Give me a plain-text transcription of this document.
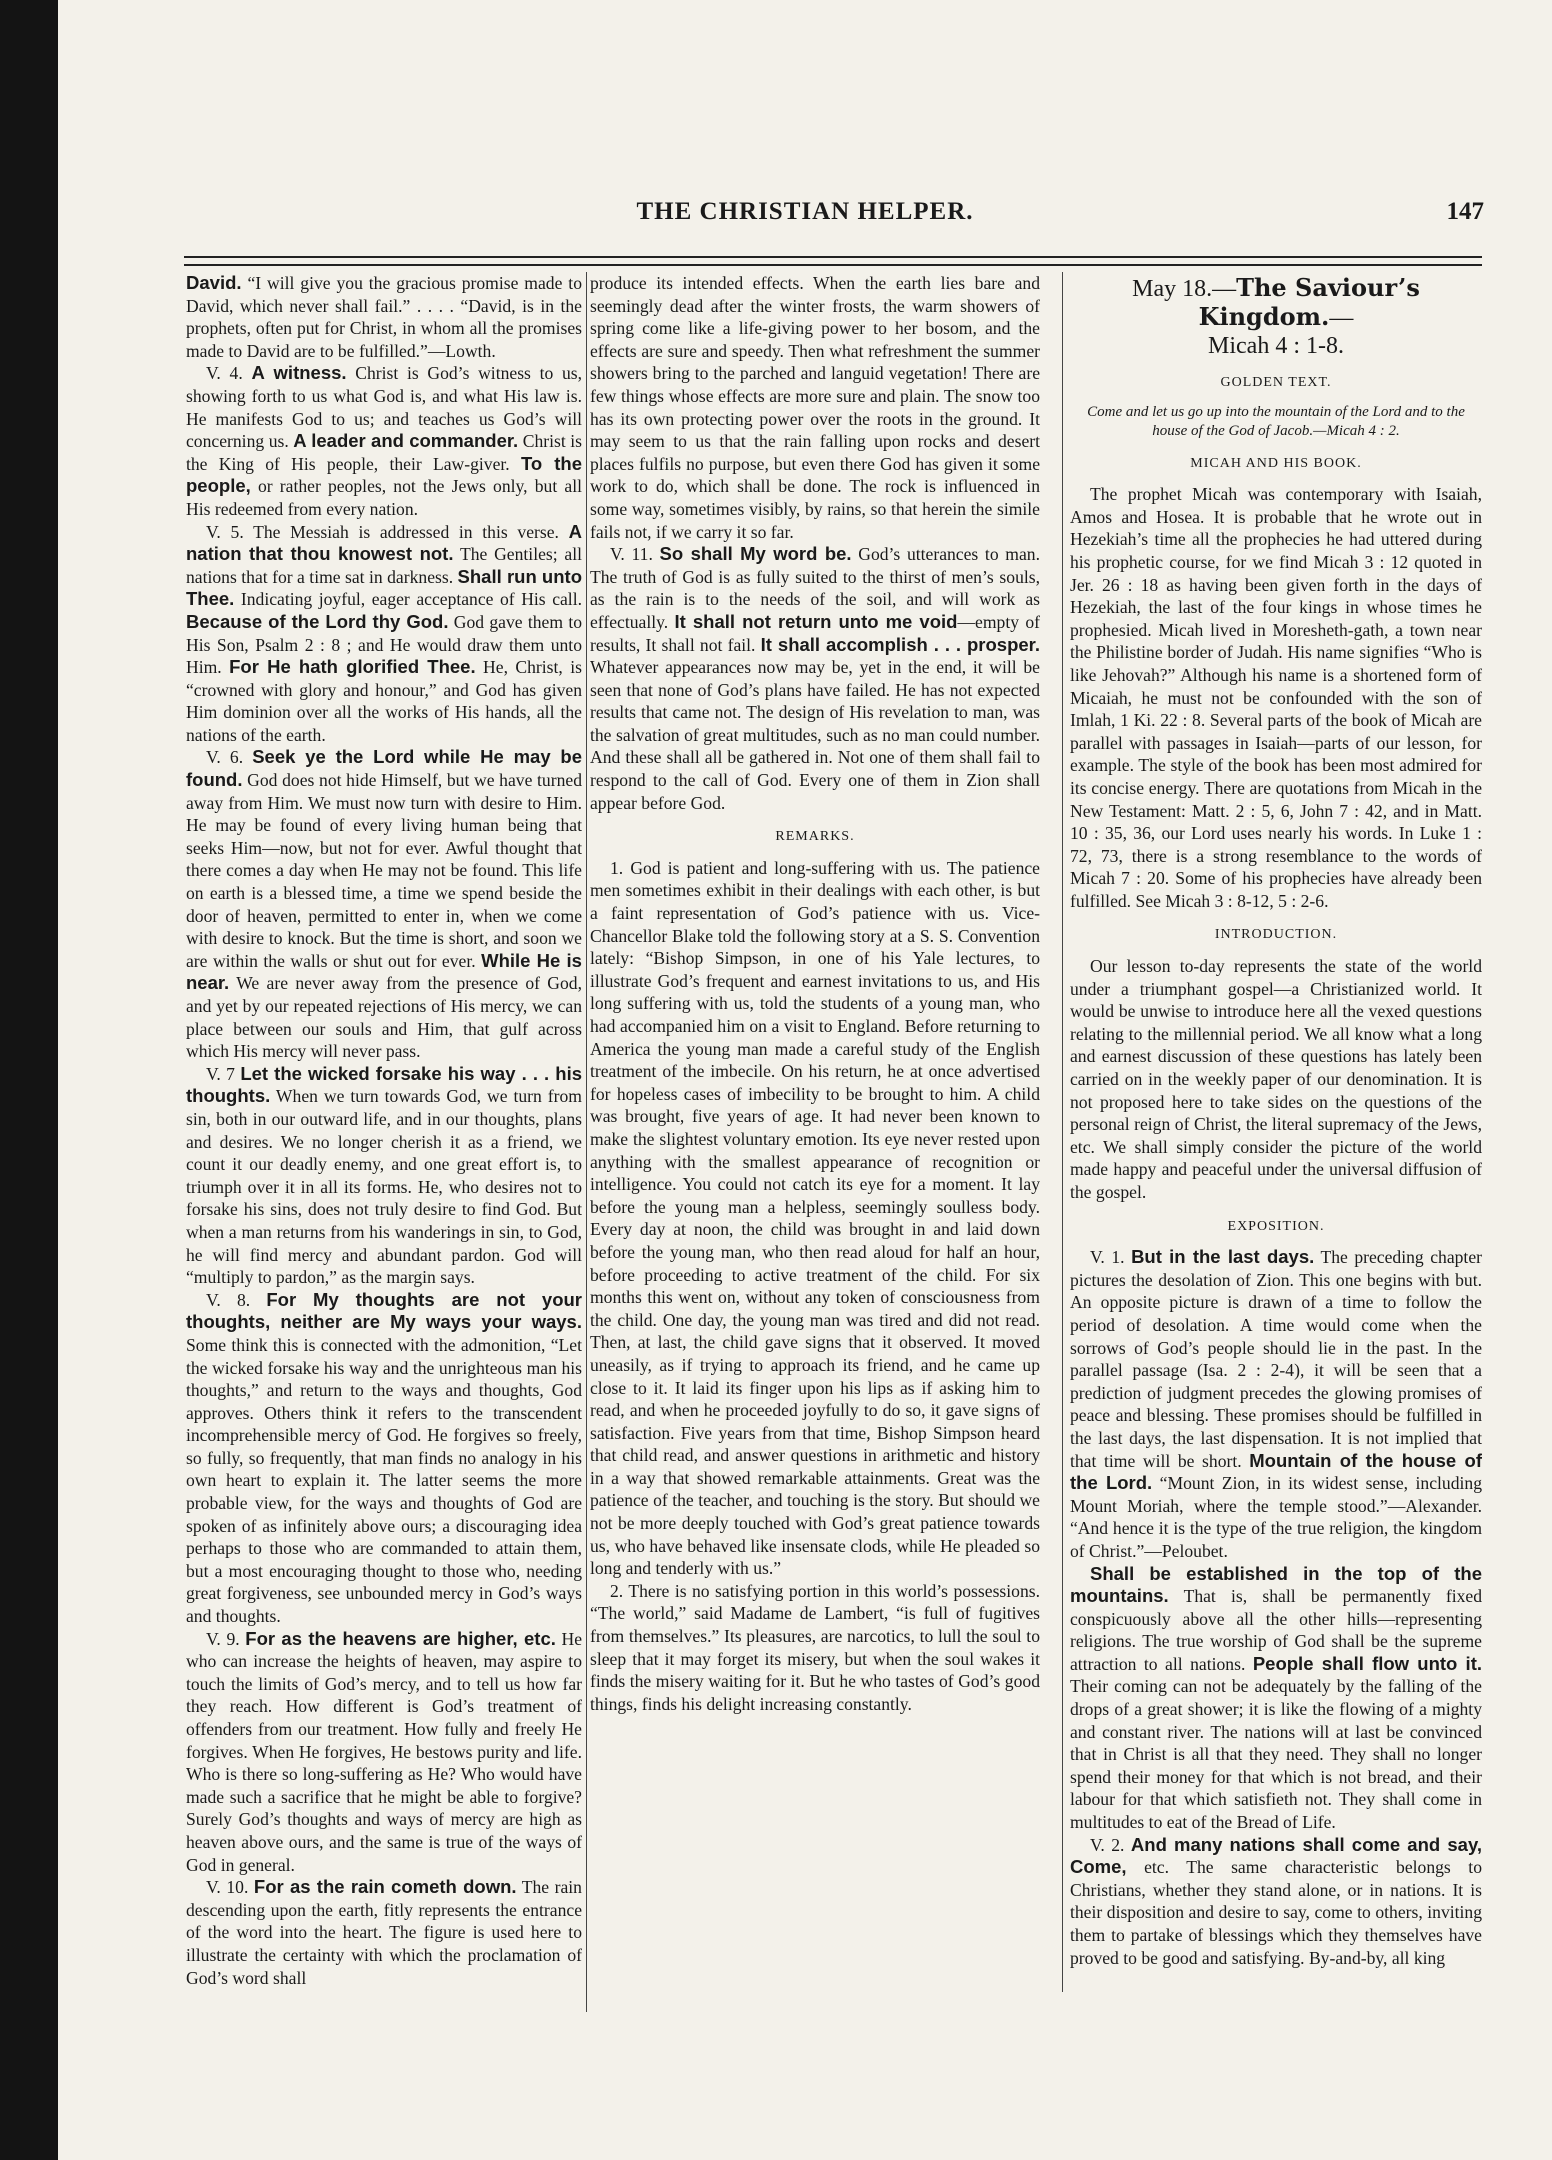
THE CHRISTIAN HELPER.	147

David. “I will give you the gracious promise made to David, which never shall fail.” . . . . “David, is in the prophets, often put for Christ, in whom all the promises made to David are to be fulfilled.”—Lowth.

V. 4. A witness. Christ is God’s witness to us, showing forth to us what God is, and what His law is. He manifests God to us; and teaches us God’s will concerning us. A leader and commander. Christ is the King of His people, their Law-giver. To the people, or rather peoples, not the Jews only, but all His redeemed from every nation.

V. 5. The Messiah is addressed in this verse. A nation that thou knowest not. The Gentiles; all nations that for a time sat in darkness. Shall run unto Thee. Indicating joyful, eager acceptance of His call. Because of the Lord thy God. God gave them to His Son, Psalm 2 : 8 ; and He would draw them unto Him. For He hath glorified Thee. He, Christ, is “crowned with glory and honour,” and God has given Him dominion over all the works of His hands, all the nations of the earth.

V. 6. Seek ye the Lord while He may be found. God does not hide Himself, but we have turned away from Him. We must now turn with desire to Him. He may be found of every living human being that seeks Him—now, but not for ever. Awful thought that there comes a day when He may not be found. This life on earth is a blessed time, a time we spend beside the door of heaven, permitted to enter in, when we come with desire to knock. But the time is short, and soon we are within the walls or shut out for ever. While He is near. We are never away from the presence of God, and yet by our repeated rejections of His mercy, we can place between our souls and Him, that gulf across which His mercy will never pass.

V. 7 Let the wicked forsake his way . . . his thoughts. When we turn towards God, we turn from sin, both in our outward life, and in our thoughts, plans and desires. We no longer cherish it as a friend, we count it our deadly enemy, and one great effort is, to triumph over it in all its forms. He, who desires not to forsake his sins, does not truly desire to find God. But when a man returns from his wanderings in sin, to God, he will find mercy and abundant pardon. God will “multiply to pardon,” as the margin says.

V. 8. For My thoughts are not your thoughts, neither are My ways your ways. Some think this is connected with the admonition, “Let the wicked forsake his way and the unrighteous man his thoughts,” and return to the ways and thoughts, God approves. Others think it refers to the transcendent incomprehensible mercy of God. He forgives so freely, so fully, so frequently, that man finds no analogy in his own heart to explain it. The latter seems the more probable view, for the ways and thoughts of God are spoken of as infinitely above ours; a discouraging idea perhaps to those who are commanded to attain them, but a most encouraging thought to those who, needing great forgiveness, see unbounded mercy in God’s ways and thoughts.

V. 9. For as the heavens are higher, etc. He who can increase the heights of heaven, may aspire to touch the limits of God’s mercy, and to tell us how far they reach. How different is God’s treatment of offenders from our treatment. How fully and freely He forgives. When He forgives, He bestows purity and life. Who is there so long-suffering as He? Who would have made such a sacrifice that he might be able to forgive? Surely God’s thoughts and ways of mercy are high as heaven above ours, and the same is true of the ways of God in general.

V. 10. For as the rain cometh down. The rain descending upon the earth, fitly represents the entrance of the word into the heart. The figure is used here to illustrate the certainty with which the proclamation of God’s word shall

produce its intended effects. When the earth lies bare and seemingly dead after the winter frosts, the warm showers of spring come like a life-giving power to her bosom, and the effects are sure and speedy. Then what refreshment the summer showers bring to the parched and languid vegetation! There are few things whose effects are more sure and plain. The snow too has its own protecting power over the roots in the ground. It may seem to us that the rain falling upon rocks and desert places fulfils no purpose, but even there God has given it some work to do, which shall be done. The rock is influenced in some way, sometimes visibly, by rains, so that herein the simile fails not, if we carry it so far.

V. 11. So shall My word be. God’s utterances to man. The truth of God is as fully suited to the thirst of men’s souls, as the rain is to the needs of the soil, and will work as effectually. It shall not return unto me void—empty of results, It shall not fail. It shall accomplish . . . prosper. Whatever appearances now may be, yet in the end, it will be seen that none of God’s plans have failed. He has not expected results that came not. The design of His revelation to man, was the salvation of great multitudes, such as no man could number. And these shall all be gathered in. Not one of them shall fail to respond to the call of God. Every one of them in Zion shall appear before God.

REMARKS.

1. God is patient and long-suffering with us. The patience men sometimes exhibit in their dealings with each other, is but a faint representation of God’s patience with us. Vice-Chancellor Blake told the following story at a S. S. Convention lately: “Bishop Simpson, in one of his Yale lectures, to illustrate God’s frequent and earnest invitations to us, and His long suffering with us, told the students of a young man, who had accompanied him on a visit to England. Before returning to America the young man made a careful study of the English treatment of the imbecile. On his return, he at once advertised for hopeless cases of imbecility to be brought to him. A child was brought, five years of age. It had never been known to make the slightest voluntary emotion. Its eye never rested upon anything with the smallest appearance of recognition or intelligence. You could not catch its eye for a moment. It lay before the young man a helpless, seemingly soulless body. Every day at noon, the child was brought in and laid down before the young man, who then read aloud for half an hour, before proceeding to active treatment of the child. For six months this went on, without any token of consciousness from the child. One day, the young man was tired and did not read. Then, at last, the child gave signs that it observed. It moved uneasily, as if trying to approach its friend, and he came up close to it. It laid its finger upon his lips as if asking him to read, and when he proceeded joyfully to do so, it gave signs of satisfaction. Five years from that time, Bishop Simpson heard that child read, and answer questions in arithmetic and history in a way that showed remarkable attainments. Great was the patience of the teacher, and touching is the story. But should we not be more deeply touched with God’s great patience towards us, who have behaved like insensate clods, while He pleaded so long and tenderly with us.”

2. There is no satisfying portion in this world’s possessions. “The world,” said Madame de Lambert, “is full of fugitives from themselves.” Its pleasures, are narcotics, to lull the soul to sleep that it may forget its misery, but when the soul wakes it finds the misery waiting for it. But he who tastes of God’s good things, finds his delight increasing constantly.

May 18.—The Saviour’s Kingdom.—
Micah 4 : 1-8.
GOLDEN TEXT.

Come and let us go up into the mountain of the Lord and to the house of the God of Jacob.—Micah 4 : 2.

MICAH AND HIS BOOK.

The prophet Micah was contemporary with Isaiah, Amos and Hosea. It is probable that he wrote out in Hezekiah’s time all the prophecies he had uttered during his prophetic course, for we find Micah 3 : 12 quoted in Jer. 26 : 18 as having been given forth in the days of Hezekiah, the last of the four kings in whose times he prophesied. Micah lived in Moresheth-gath, a town near the Philistine border of Judah. His name signifies “Who is like Jehovah?” Although his name is a shortened form of Micaiah, he must not be confounded with the son of Imlah, 1 Ki. 22 : 8. Several parts of the book of Micah are parallel with passages in Isaiah—parts of our lesson, for example. The style of the book has been most admired for its concise energy. There are quotations from Micah in the New Testament: Matt. 2 : 5, 6, John 7 : 42, and in Matt. 10 : 35, 36, our Lord uses nearly his words. In Luke 1 : 72, 73, there is a strong resemblance to the words of Micah 7 : 20. Some of his prophecies have already been fulfilled. See Micah 3 : 8-12, 5 : 2-6.

INTRODUCTION.

Our lesson to-day represents the state of the world under a triumphant gospel—a Christianized world. It would be unwise to introduce here all the vexed questions relating to the millennial period. We all know what a long and earnest discussion of these questions has lately been carried on in the weekly paper of our denomination. It is not proposed here to take sides on the questions of the personal reign of Christ, the literal supremacy of the Jews, etc. We shall simply consider the picture of the world made happy and peaceful under the universal diffusion of the gospel.

EXPOSITION.

V. 1. But in the last days. The preceding chapter pictures the desolation of Zion. This one begins with but. An opposite picture is drawn of a time to follow the period of desolation. A time would come when the sorrows of God’s people should lie in the past. In the parallel passage (Isa. 2 : 2-4), it will be seen that a prediction of judgment precedes the glowing promises of peace and blessing. These promises should be fulfilled in the last days, the last dispensation. It is not implied that that time will be short. Mountain of the house of the Lord. “Mount Zion, in its widest sense, including Mount Moriah, where the temple stood.”—Alexander. “And hence it is the type of the true religion, the kingdom of Christ.”—Peloubet.

Shall be established in the top of the mountains. That is, shall be permanently fixed conspicuously above all the other hills—representing religions. The true worship of God shall be the supreme attraction to all nations. People shall flow unto it. Their coming can not be adequately by the falling of the drops of a great shower; it is like the flowing of a mighty and constant river. The nations will at last be convinced that in Christ is all that they need. They shall no longer spend their money for that which is not bread, and their labour for that which satisfieth not. They shall come in multitudes to eat of the Bread of Life.

V. 2. And many nations shall come and say, Come, etc. The same characteristic belongs to Christians, whether they stand alone, or in nations. It is their disposition and desire to say, come to others, inviting them to partake of blessings which they themselves have proved to be good and satisfying. By-and-by, all king
